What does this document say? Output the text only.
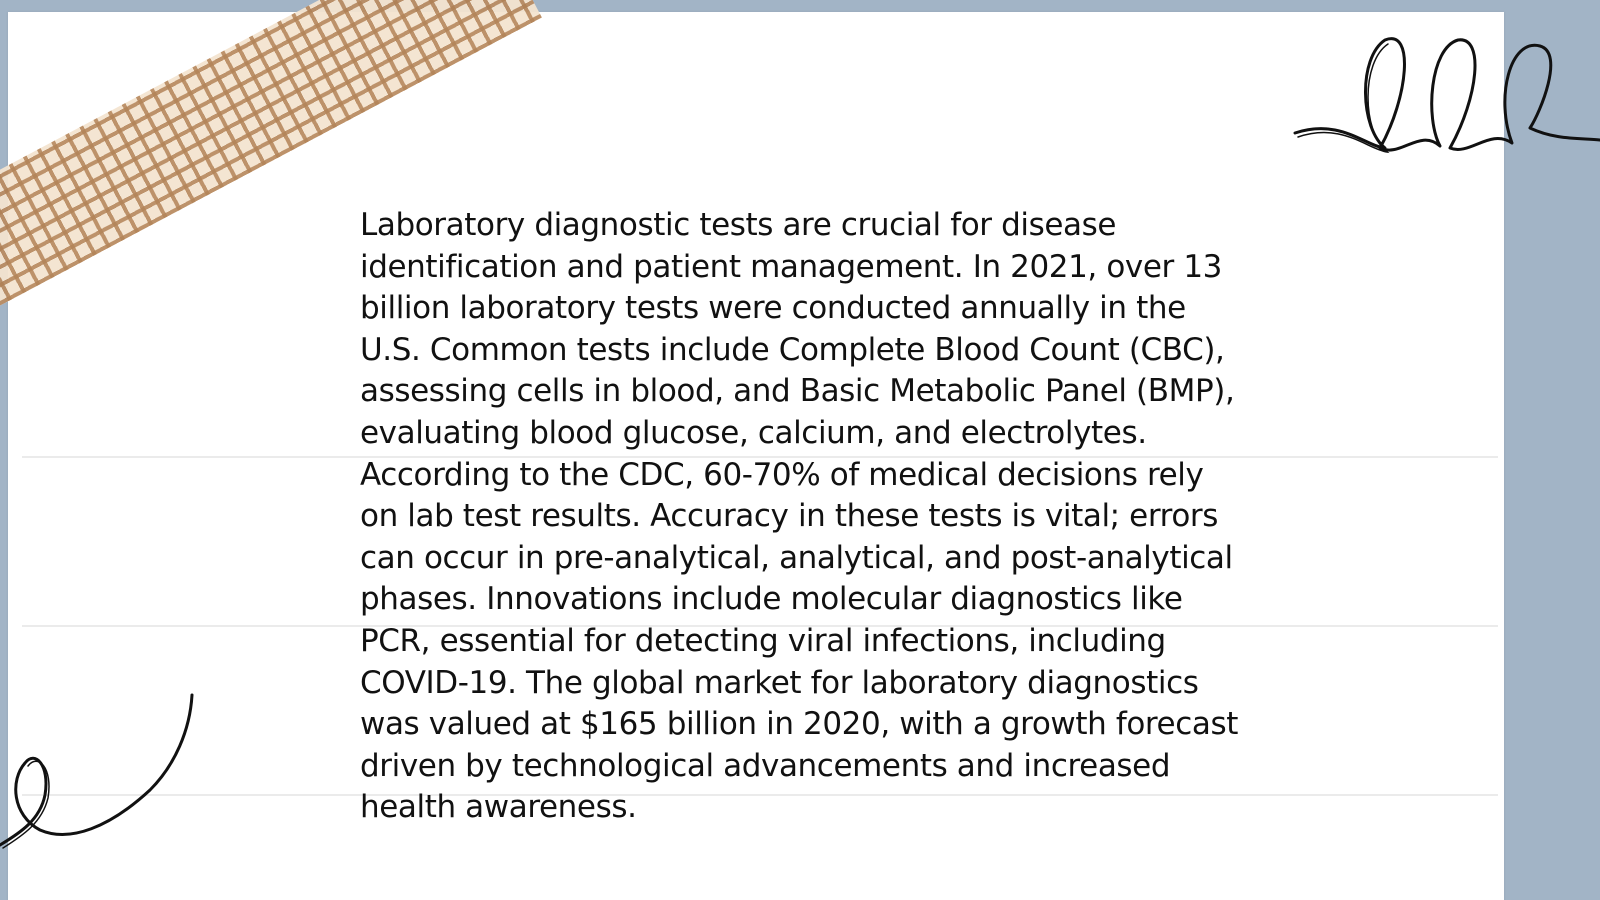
Laboratory diagnostic tests are crucial for disease identification and patient management. In 2021, over 13 billion laboratory tests were conducted annually in the U.S. Common tests include Complete Blood Count (CBC), assessing cells in blood, and Basic Metabolic Panel (BMP), evaluating blood glucose, calcium, and electrolytes. According to the CDC, 60-70% of medical decisions rely on lab test results. Accuracy in these tests is vital; errors can occur in pre-analytical, analytical, and post-analytical phases. Innovations include molecular diagnostics like PCR, essential for detecting viral infections, including COVID-19. The global market for laboratory diagnostics was valued at $165 billion in 2020, with a growth forecast driven by technological advancements and increased health awareness.
